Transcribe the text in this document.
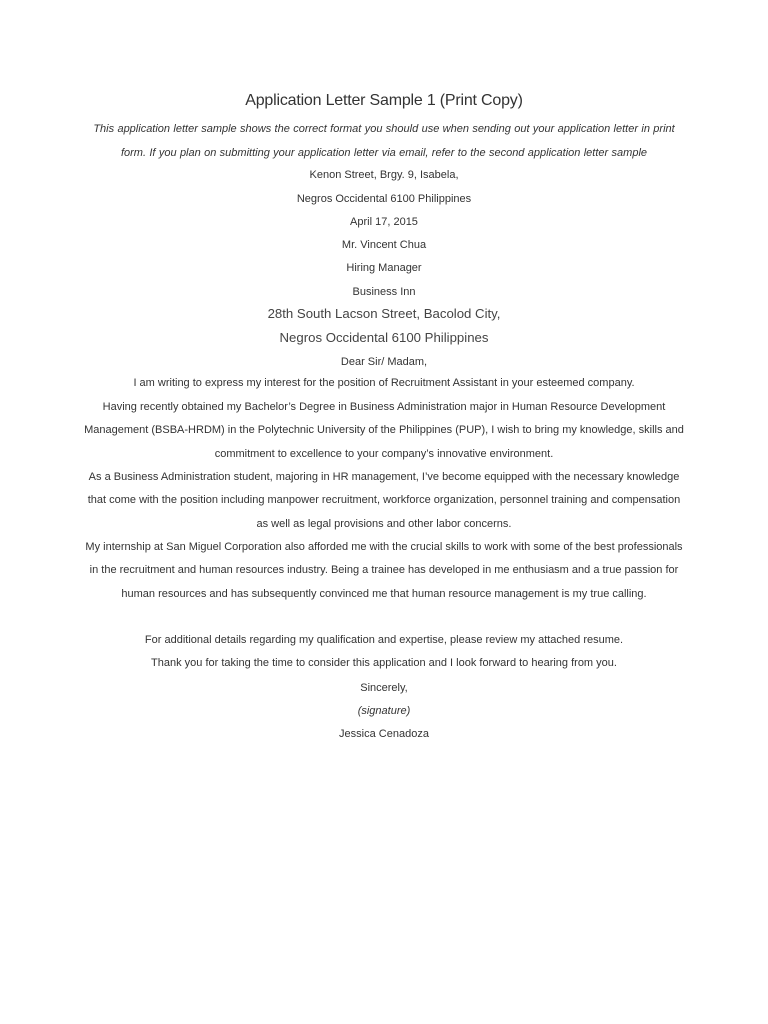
Application Letter Sample 1 (Print Copy)
This application letter sample shows the correct format you should use when sending out your application letter in print form. If you plan on submitting your application letter via email, refer to the second application letter sample
Kenon Street, Brgy. 9, Isabela,
Negros Occidental 6100 Philippines
April 17, 2015
Mr. Vincent Chua
Hiring Manager
Business Inn
28th South Lacson Street, Bacolod City,
Negros Occidental 6100 Philippines
Dear Sir/ Madam,
I am writing to express my interest for the position of Recruitment Assistant in your esteemed company.
Having recently obtained my Bachelor’s Degree in Business Administration major in Human Resource Development Management (BSBA-HRDM) in the Polytechnic University of the Philippines (PUP), I wish to bring my knowledge, skills and commitment to excellence to your company’s innovative environment.
As a Business Administration student, majoring in HR management, I’ve become equipped with the necessary knowledge that come with the position including manpower recruitment, workforce organization, personnel training and compensation as well as legal provisions and other labor concerns.
My internship at San Miguel Corporation also afforded me with the crucial skills to work with some of the best professionals in the recruitment and human resources industry. Being a trainee has developed in me enthusiasm and a true passion for human resources and has subsequently convinced me that human resource management is my true calling.
For additional details regarding my qualification and expertise, please review my attached resume.
Thank you for taking the time to consider this application and I look forward to hearing from you.
Sincerely,
(signature)
Jessica Cenadoza
